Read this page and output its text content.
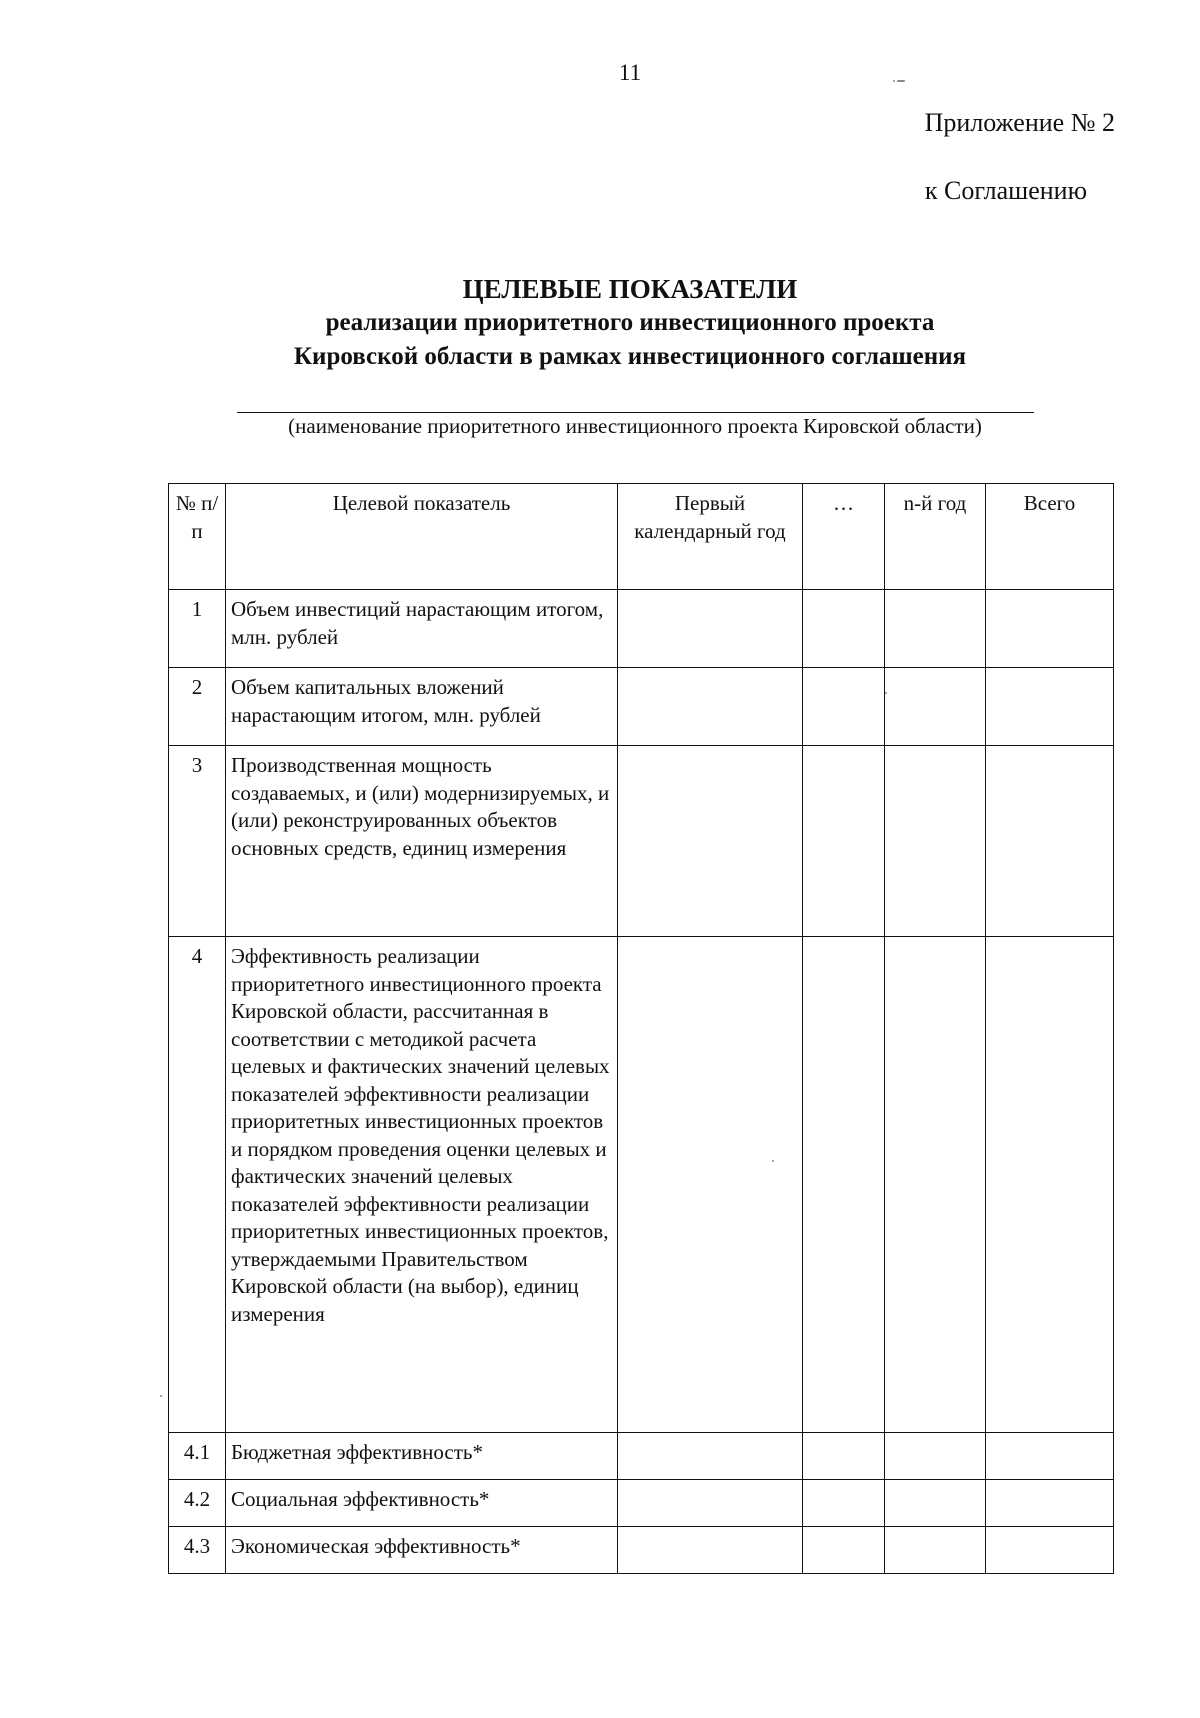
11
Приложение № 2
к Соглашению
ЦЕЛЕВЫЕ ПОКАЗАТЕЛИ
реализации приоритетного инвестиционного проекта
Кировской области в рамках инвестиционного соглашения
(наименование приоритетного инвестиционного проекта Кировской области)
№ п/п	Целевой показатель	Первый календарный год	…	n-й год	Всего
1	Объем инвестиций нарастающим итогом, млн. рублей				
2	Объем капитальных вложений нарастающим итогом, млн. рублей				
3	Производственная мощность создаваемых, и (или) модернизируемых, и (или) реконструированных объектов основных средств, единиц измерения				
4	Эффективность реализации приоритетного инвестиционного проекта Кировской области, рассчитанная в соответствии с методикой расчета целевых и фактических значений целевых показателей эффективности реализации приоритетных инвестиционных проектов и порядком проведения оценки целевых и фактических значений целевых показателей эффективности реализации приоритетных инвестиционных проектов, утверждаемыми Правительством Кировской области (на выбор), единиц измерения				
4.1	Бюджетная эффективность*				
4.2	Социальная эффективность*				
4.3	Экономическая эффективность*				
